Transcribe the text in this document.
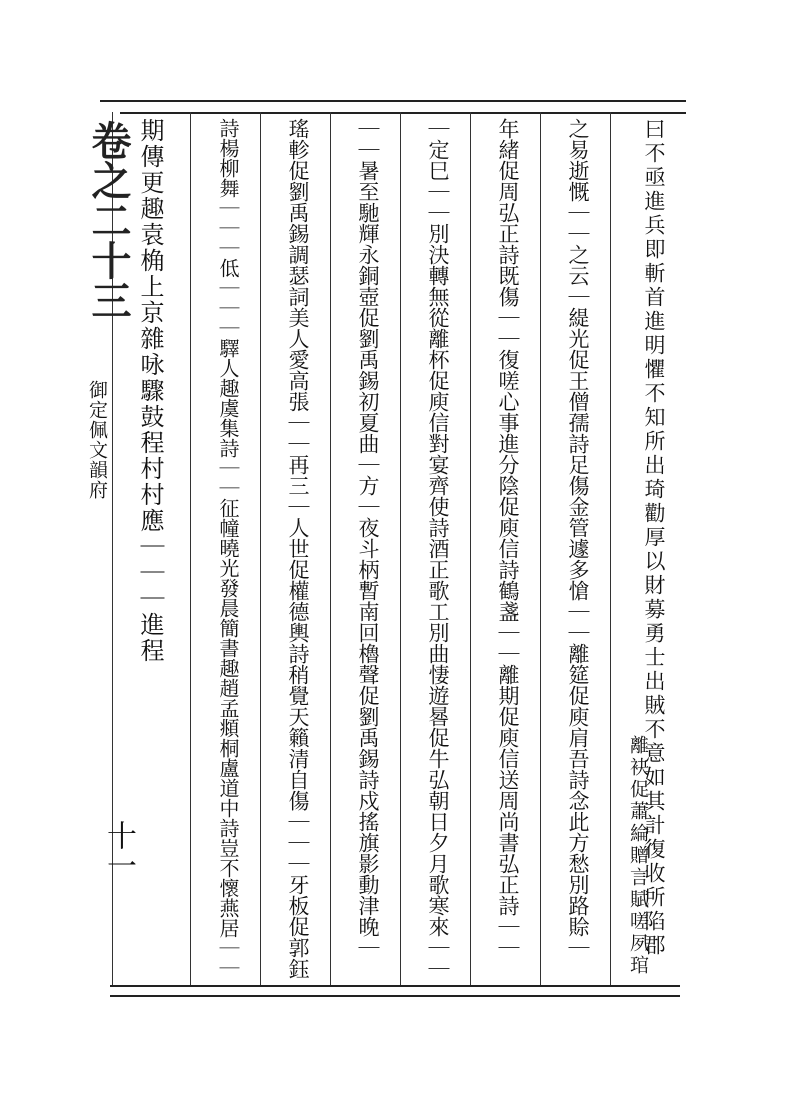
卷之二十三
御定佩文韻府
十一	曰不亟進兵即斬首進明懼不知所出琦勸厚以財募勇士出賊不意如其計復收所陷郡
離袂促蕭綸贈言賦嗟夙琯
之易逝慨｜｜之云｜緹光促王僧孺詩足傷金管遽多愴｜｜離筵促庾肩吾詩念此方愁別路賒｜
年緒促周弘正詩既傷｜｜復嗟心事進分陰促庾信詩鶴盞｜｜離期促庾信送周尚書弘正詩｜｜
｜定巳｜｜別決轉無從離杯促庾信對宴齊使詩酒正歌工別曲悽遊晷促牛弘朝日夕月歌寒來｜｜
｜｜暑至馳輝永銅壺促劉禹錫初夏曲｜方｜夜斗柄暫南回櫓聲促劉禹錫詩戍搖旗影動津晚｜
瑤軫促劉禹錫調瑟詞美人愛高張｜｜再三｜人世促權德輿詩稍覺天籟清自傷｜｜｜牙板促郭鈺
詩楊柳舞｜｜｜低｜｜｜驛人趣虞集詩｜｜征幢曉光發晨簡書趣趙孟頫桐盧道中詩豈不懷燕居｜｜
期傳更趣袁桷上京雜咏驟鼓程村村應｜｜｜進程
